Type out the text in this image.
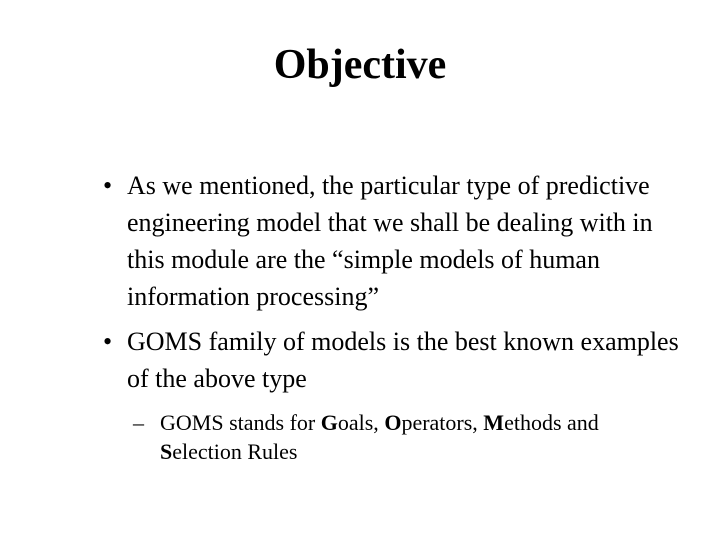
Objective
• As we mentioned, the particular type of predictive engineering model that we shall be dealing with in this module are the “simple models of human information processing”
• GOMS family of models is the best known examples of the above type
– GOMS stands for Goals, Operators, Methods and Selection Rules
